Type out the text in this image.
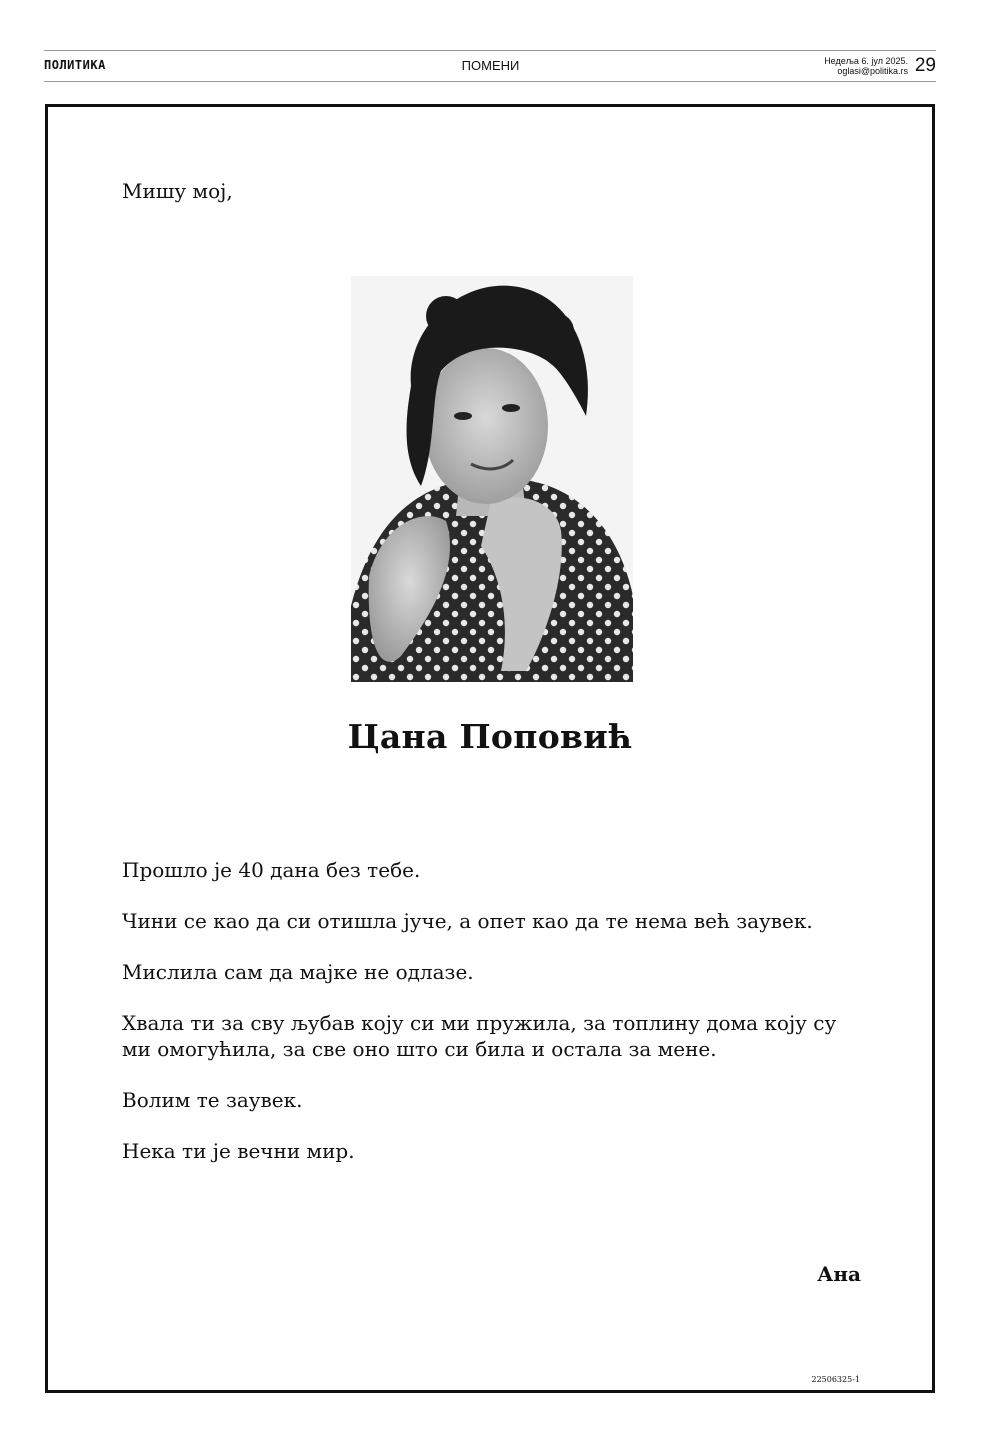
ПОЛИТИКА	ПОМЕНИ	Недеља 6. јул 2025.
oglasi@politika.rs 29
Мишу мој,
Цана Поповић

Прошло је 40 дана без тебе.

Чини се као да си отишла јуче, а опет као да те нема већ заувек.

Мислила сам да мајке не одлазе.

Хвала ти за сву љубав коју си ми пружила, за топлину дома коју су ми омогућила, за све оно што си била и остала за мене.

Волим те заувек.

Нека ти је вечни мир.

Ана
22506325-1
